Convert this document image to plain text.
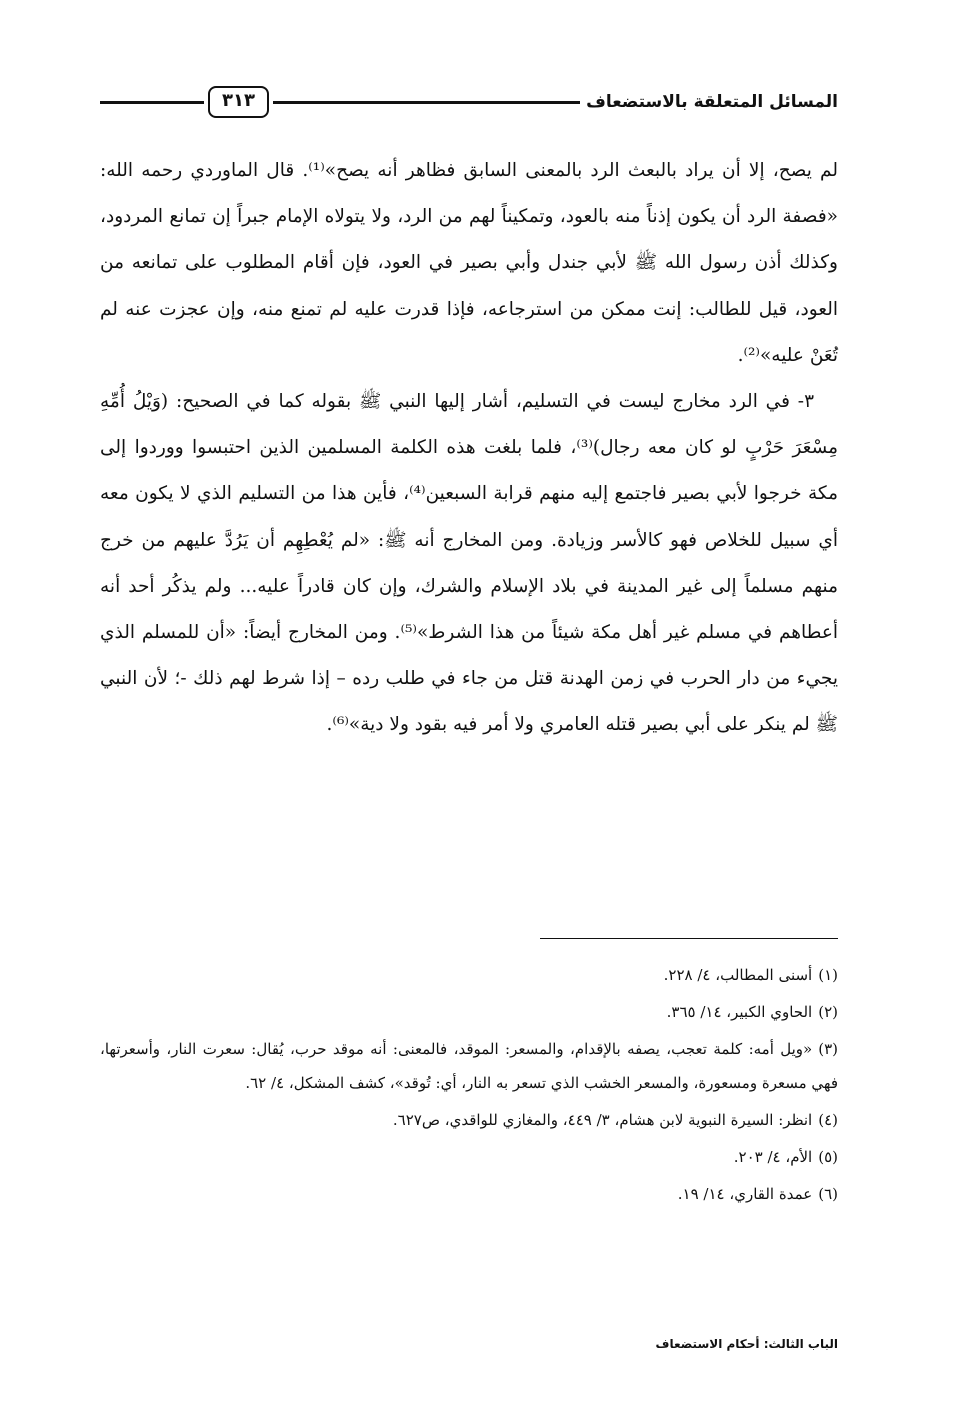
المسائل المتعلقة بالاستضعاف
٣١٣

لم يصح، إلا أن يراد بالبعث الرد بالمعنى السابق فظاهر أنه يصح»⁽¹⁾. قال الماوردي رحمه الله: «فصفة الرد أن يكون إذناً منه بالعود، وتمكيناً لهم من الرد، ولا يتولاه الإمام جبراً إن تمانع المردود، وكذلك أذن رسول الله ﷺ لأبي جندل وأبي بصير في العود، فإن أقام المطلوب على تمانعه من العود، قيل للطالب: إنت ممكن من استرجاعه، فإذا قدرت عليه لم تمنع منه، وإن عجزت عنه لم تُعَنْ عليه»⁽²⁾.

٣- في الرد مخارج ليست في التسليم، أشار إليها النبي ﷺ بقوله كما في الصحيح: (وَيْلُ أُمِّهِ مِسْعَرَ حَرْبٍ لو كان معه رجال)⁽³⁾، فلما بلغت هذه الكلمة المسلمين الذين احتبسوا ووردوا إلى مكة خرجوا لأبي بصير فاجتمع إليه منهم قرابة السبعين⁽⁴⁾، فأين هذا من التسليم الذي لا يكون معه أي سبيل للخلاص فهو كالأسر وزيادة. ومن المخارج أنه ﷺ: «لم يُعْطِهِم أن يَرُدَّ عليهم من خرج منهم مسلماً إلى غير المدينة في بلاد الإسلام والشرك، وإن كان قادراً عليه... ولم يذكُر أحد أنه أعطاهم في مسلم غير أهل مكة شيئاً من هذا الشرط»⁽⁵⁾. ومن المخارج أيضاً: «أن للمسلم الذي يجيء من دار الحرب في زمن الهدنة قتل من جاء في طلب رده – إذا شرط لهم ذلك -؛ لأن النبي ﷺ لم ينكر على أبي بصير قتله العامري ولا أمر فيه بقود ولا دية»⁽⁶⁾.

(١)أسنى المطالب، ٤/ ٢٢٨.

(٢)الحاوي الكبير، ١٤/ ٣٦٥.

(٣)«ويل أمه: كلمة تعجب، يصفه بالإقدام، والمسعر: الموقد، فالمعنى: أنه موقد حرب، يُقال: سعرت النار، وأسعرتها، فهي مسعرة ومسعورة، والمسعر الخشب الذي تسعر به النار، أي: تُوقد»، كشف المشكل، ٤/ ٦٢.

(٤)انظر: السيرة النبوية لابن هشام، ٣/ ٤٤٩، والمغازي للواقدي، ص٦٢٧.

(٥)الأم، ٤/ ٢٠٣.

(٦)عمدة القاري، ١٤/ ١٩.

الباب الثالث: أحكام الاستضعاف
